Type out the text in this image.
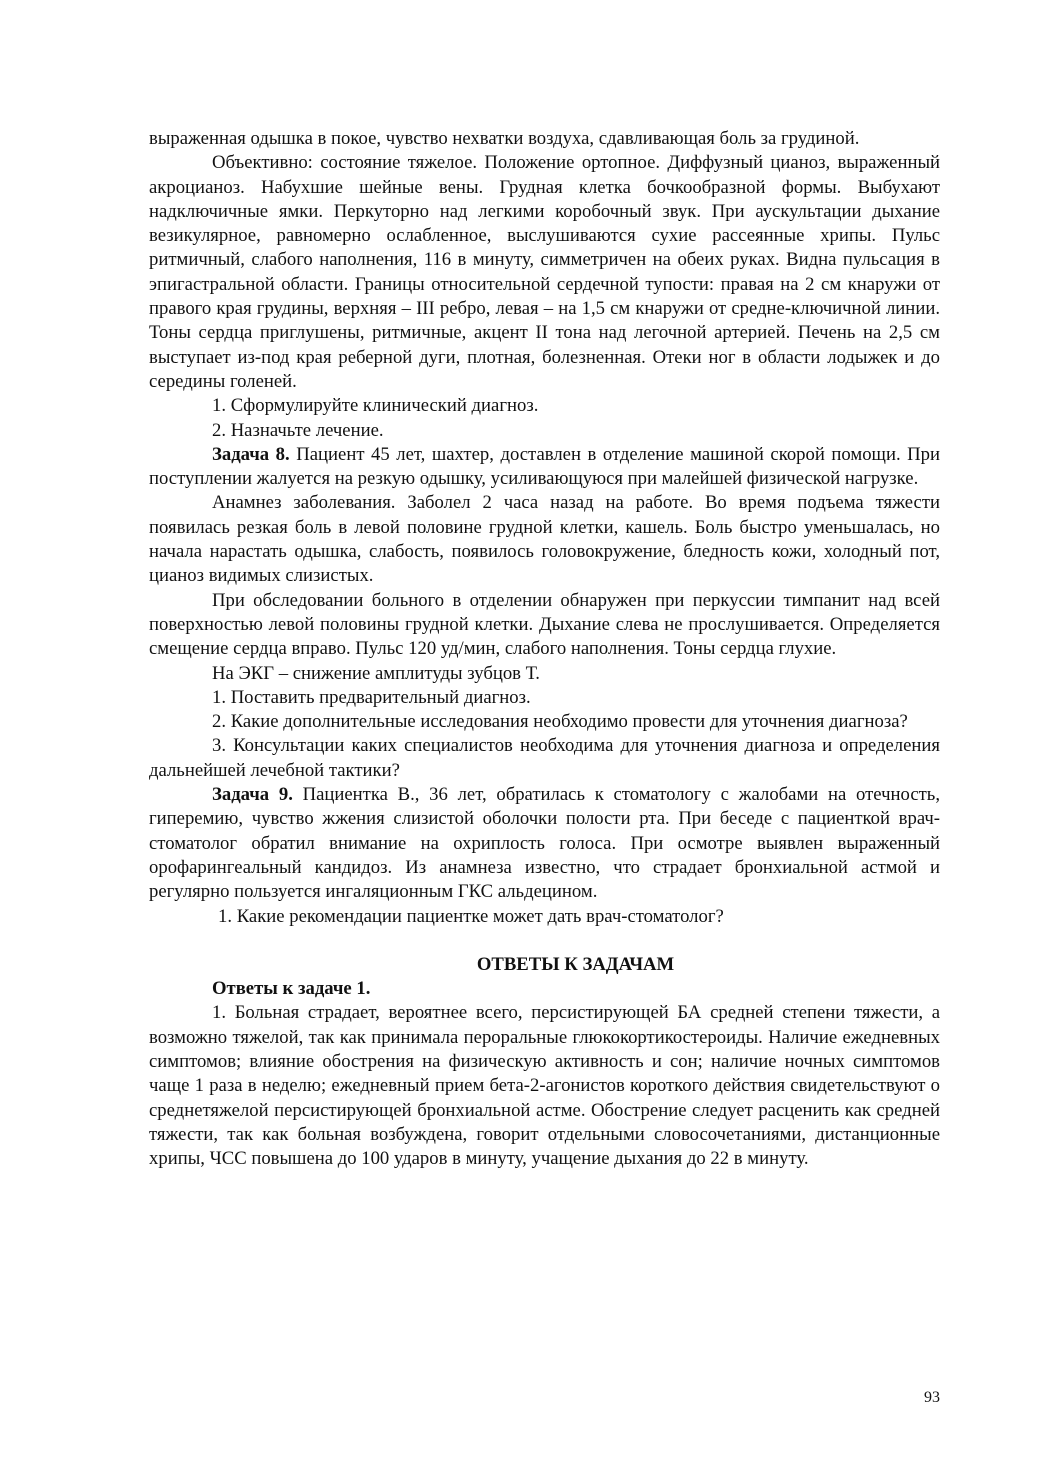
выраженная одышка в покое, чувство нехватки воздуха, сдавливающая боль за грудиной.

Объективно: состояние тяжелое. Положение ортопное. Диффузный цианоз, выраженный акроцианоз. Набухшие шейные вены. Грудная клетка бочкообразной формы. Выбухают надключичные ямки. Перкуторно над легкими коробочный звук. При аускультации дыхание везикулярное, равномерно ослабленное, выслушиваются сухие рассеянные хрипы. Пульс ритмичный, слабого наполнения, 116 в минуту, симметричен на обеих руках. Видна пульсация в эпигастральной области. Границы относительной сердечной тупости: правая на 2 см кнаружи от правого края грудины, верхняя – III ребро, левая – на 1,5 см кнаружи от средне-ключичной линии. Тоны сердца приглушены, ритмичные, акцент II тона над легочной артерией. Печень на 2,5 см выступает из-под края реберной дуги, плотная, болезненная. Отеки ног в области лодыжек и до середины голеней.

1. Сформулируйте клинический диагноз.

2. Назначьте лечение.

Задача 8. Пациент 45 лет, шахтер, доставлен в отделение машиной скорой помощи. При поступлении жалуется на резкую одышку, усиливающуюся при малейшей физической нагрузке.

Анамнез заболевания. Заболел 2 часа назад на работе. Во время подъема тяжести появилась резкая боль в левой половине грудной клетки, кашель. Боль быстро уменьшалась, но начала нарастать одышка, слабость, появилось головокружение, бледность кожи, холодный пот, цианоз видимых слизистых.

При обследовании больного в отделении обнаружен при перкуссии тимпанит над всей поверхностью левой половины грудной клетки. Дыхание слева не прослушивается. Определяется смещение сердца вправо. Пульс 120 уд/мин, слабого наполнения. Тоны сердца глухие.

На ЭКГ – снижение амплитуды зубцов Т.

1. Поставить предварительный диагноз.

2. Какие дополнительные исследования необходимо провести для уточнения диагноза?

3. Консультации каких специалистов необходима для уточнения диагноза и определения дальнейшей лечебной тактики?

Задача 9. Пациентка В., 36 лет, обратилась к стоматологу с жалобами на отечность, гиперемию, чувство жжения слизистой оболочки полости рта. При беседе с пациенткой врач-стоматолог обратил внимание на охриплость голоса. При осмотре выявлен выраженный орофарингеальный кандидоз. Из анамнеза известно, что страдает бронхиальной астмой и регулярно пользуется ингаляционным ГКС альдецином.

1. Какие рекомендации пациентке может дать врач-стоматолог?

ОТВЕТЫ К ЗАДАЧАМ

Ответы к задаче 1.

1. Больная страдает, вероятнее всего, персистирующей БА средней степени тяжести, а возможно тяжелой, так как принимала пероральные глюкокортикостероиды. Наличие ежедневных симптомов; влияние обострения на физическую активность и сон; наличие ночных симптомов чаще 1 раза в неделю; ежедневный прием бета-2-агонистов короткого действия свидетельствуют о среднетяжелой персистирующей бронхиальной астме. Обострение следует расценить как средней тяжести, так как больная возбуждена, говорит отдельными словосочетаниями, дистанционные хрипы, ЧСС повышена до 100 ударов в минуту, учащение дыхания до 22 в минуту.

93
